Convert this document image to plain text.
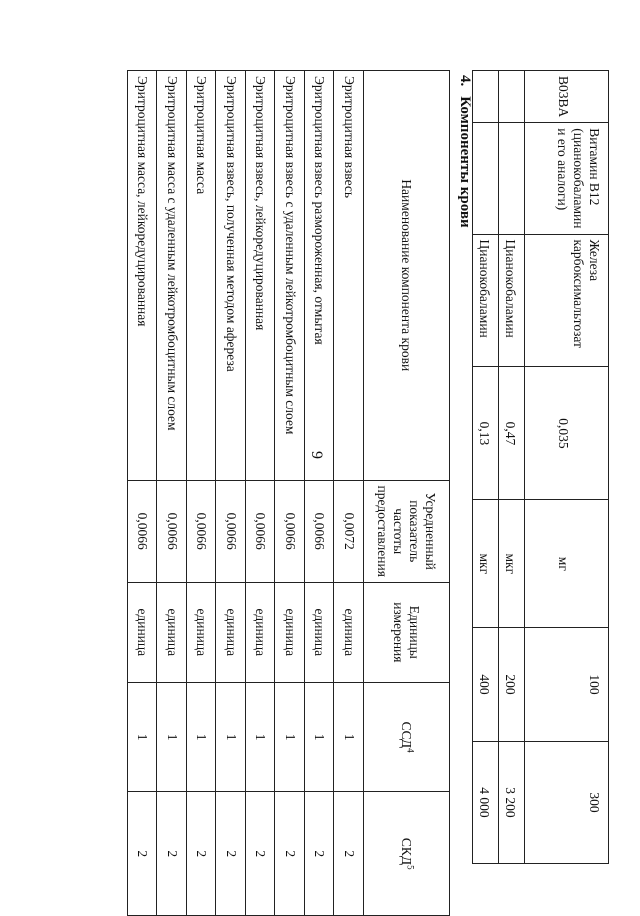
9
B03BA	Витамин B12 (цианокобаламин и его аналоги)	Железа карбоксимальтозат	0,035	мг	100	300
		Цианокобаламин	0,47	мкг	200	3 200
		Цианокобаламин	0,13	мкг	400	4 000
4.Компоненты крови
Наименование компонента крови	Усредненный показатель частоты предоставления	Единицы измерения	ССД$^4$	СКД$^5$
Эритроцитная взвесь	0,0072	единица	1	2
Эритроцитная взвесь размороженная, отмытая	0,0066	единица	1	2
Эритроцитная взвесь с удаленным лейкотромбоцитным слоем	0,0066	единица	1	2
Эритроцитная взвесь, лейкоредуцированная	0,0066	единица	1	2
Эритроцитная взвесь, полученная методом афереза	0,0066	единица	1	2
Эритроцитная масса	0,0066	единица	1	2
Эритроцитная масса с удаленным лейкотромбоцитным слоем	0,0066	единица	1	2
Эритроцитная масса, лейкоредуцированная	0,0066	единица	1	2
